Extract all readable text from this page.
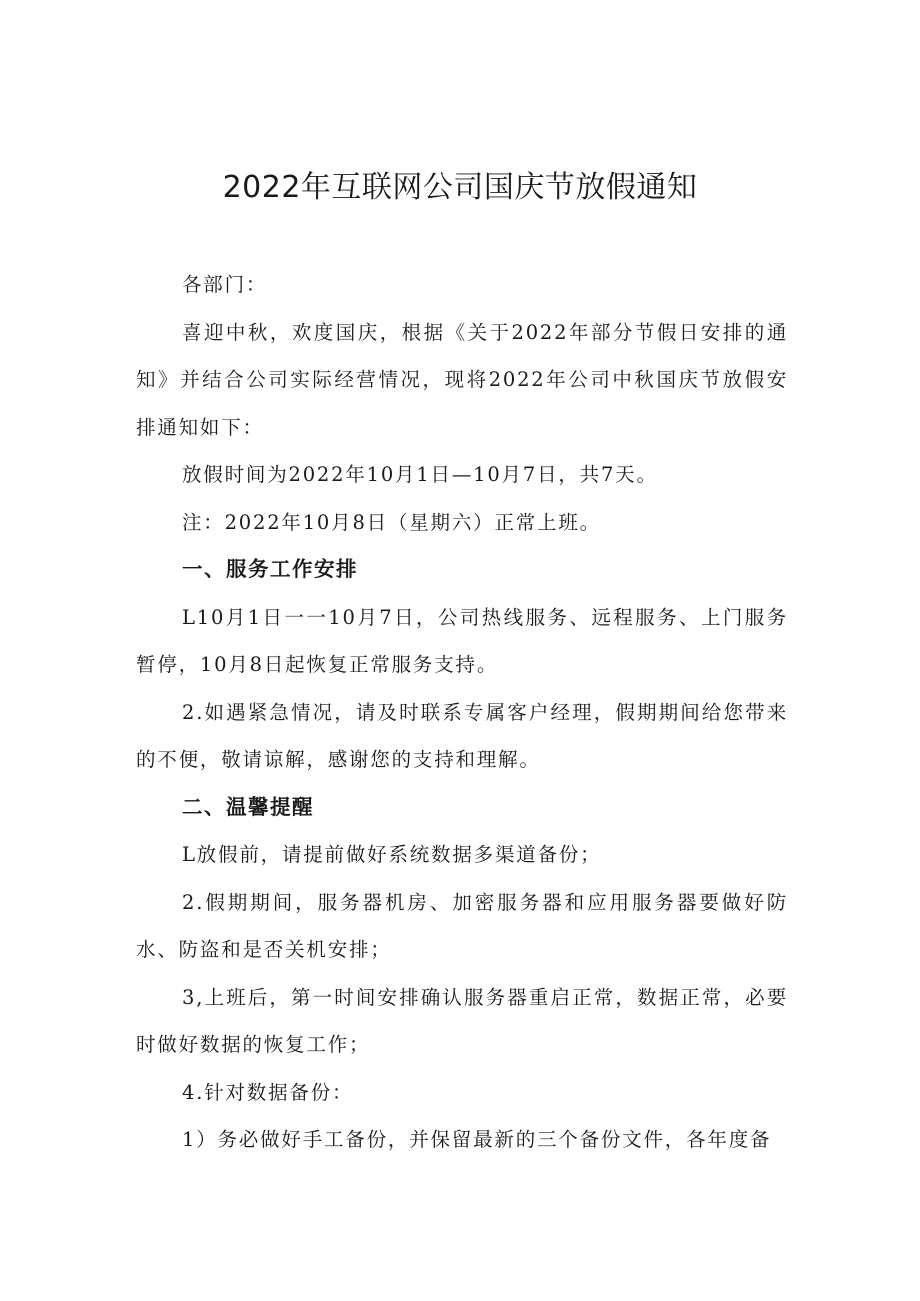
2022年互联网公司国庆节放假通知

各部门：

喜迎中秋，欢度国庆，根据《关于2022年部分节假日安排的通知》并结合公司实际经营情况，现将2022年公司中秋国庆节放假安排通知如下：

放假时间为2022年10月1日—10月7日，共7天。

注：2022年10月8日（星期六）正常上班。

一、服务工作安排

L10月1日一一10月7日，公司热线服务、远程服务、上门服务暂停，10月8日起恢复正常服务支持。

2.如遇紧急情况，请及时联系专属客户经理，假期期间给您带来的不便，敬请谅解，感谢您的支持和理解。

二、温馨提醒

L放假前，请提前做好系统数据多渠道备份；

2.假期期间，服务器机房、加密服务器和应用服务器要做好防水、防盗和是否关机安排；

3,上班后，第一时间安排确认服务器重启正常，数据正常，必要时做好数据的恢复工作；

4.针对数据备份：

1）务必做好手工备份，并保留最新的三个备份文件，各年度备
